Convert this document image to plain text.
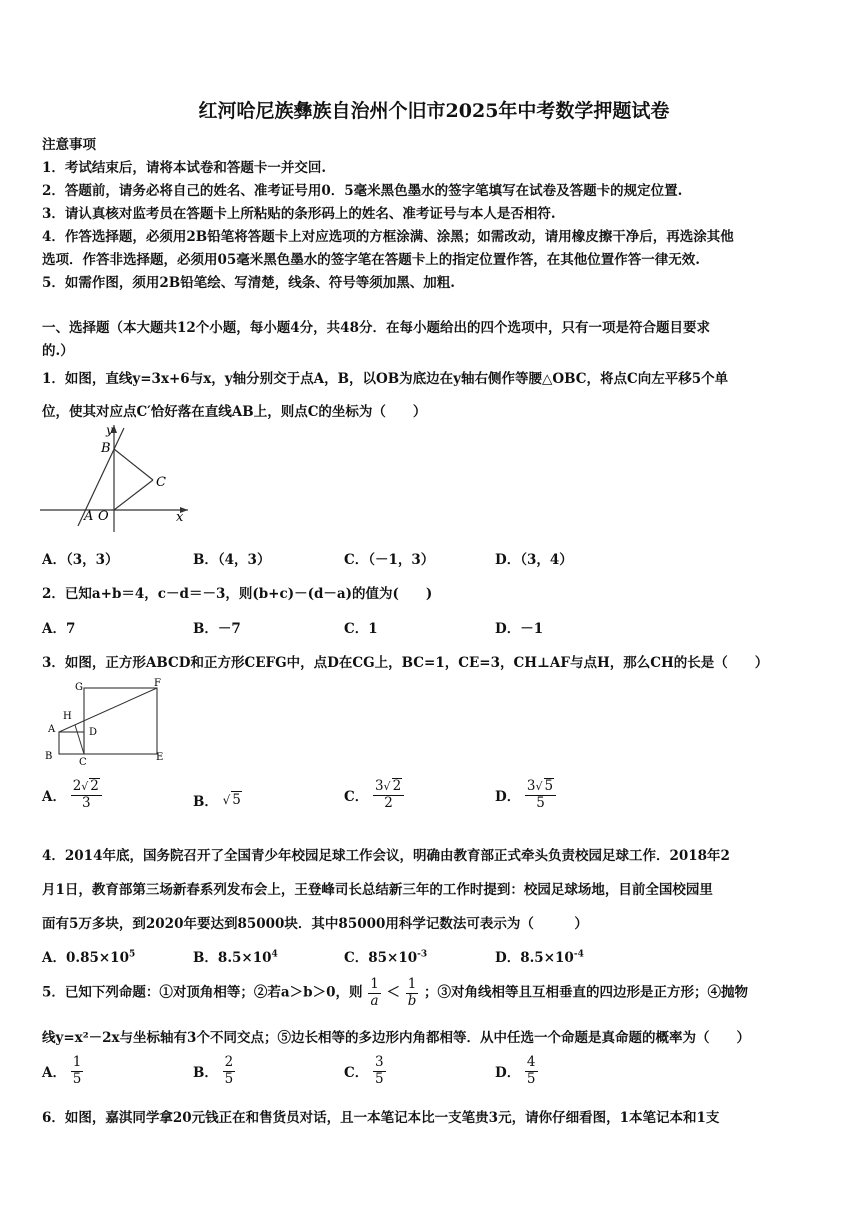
红河哈尼族彝族自治州个旧市2025年中考数学押题试卷
注意事项
1．考试结束后，请将本试卷和答题卡一并交回.
2．答题前，请务必将自己的姓名、准考证号用0．5毫米黑色墨水的签字笔填写在试卷及答题卡的规定位置.
3．请认真核对监考员在答题卡上所粘贴的条形码上的姓名、准考证号与本人是否相符.
4．作答选择题，必须用2B铅笔将答题卡上对应选项的方框涂满、涂黑；如需改动，请用橡皮擦干净后，再选涂其他
选项．作答非选择题，必须用05毫米黑色墨水的签字笔在答题卡上的指定位置作答，在其他位置作答一律无效.
5．如需作图，须用2B铅笔绘、写清楚，线条、符号等须加黑、加粗.
一、选择题（本大题共12个小题，每小题4分，共48分．在每小题给出的四个选项中，只有一项是符合题目要求
的.）
1．如图，直线y=3x+6与x，y轴分别交于点A，B，以OB为底边在y轴右侧作等腰△OBC，将点C向左平移5个单
位，使其对应点C′恰好落在直线AB上，则点C的坐标为（　　）
y
B
C
A O	x
A．（3，3）	B．（4，3）	C．（－1，3）	D．（3，4）
2．已知a+b＝4，c－d＝－3，则(b+c)－(d－a)的值为(　　)
A．7	B．－7	C．1	D．－1
3．如图，正方形ABCD和正方形CEFG中，点D在CG上，BC=1，CE=3，CH⊥AF与点H，那么CH的长是（　　）
G	F
H
A	D
B
C	E
A． $\frac{2√ 2}{3}$	B． √ 5	C． $\frac{3√ 2}{2}$	D． $\frac{3√ 5}{5}$
4．2014年底，国务院召开了全国青少年校园足球工作会议，明确由教育部正式牵头负责校园足球工作．2018年2
月1日，教育部第三场新春系列发布会上，王登峰司长总结新三年的工作时提到：校园足球场地，目前全国校园里
面有5万多块，到2020年要达到85000块．其中85000用科学记数法可表示为（　　　）
A．$0.85\times 10^5$	B．$8.5\times 10^4$	C．$85\times 10^{-3}$	D．$8.5\times 10^{-4}$
5．已知下列命题：①对顶角相等；②若a＞b＞0，则 $\frac{1}{a} < \frac{1}{b}$ ；③对角线相等且互相垂直的四边形是正方形；④抛物
线y=x²－2x与坐标轴有3个不同交点；⑤边长相等的多边形内角都相等．从中任选一个命题是真命题的概率为（　　）
A． $\frac{1}{5}$	B． $\frac{2}{5}$	C． $\frac{3}{5}$	D． $\frac{4}{5}$
6．如图，嘉淇同学拿20元钱正在和售货员对话，且一本笔记本比一支笔贵3元，请你仔细看图，1本笔记本和1支
